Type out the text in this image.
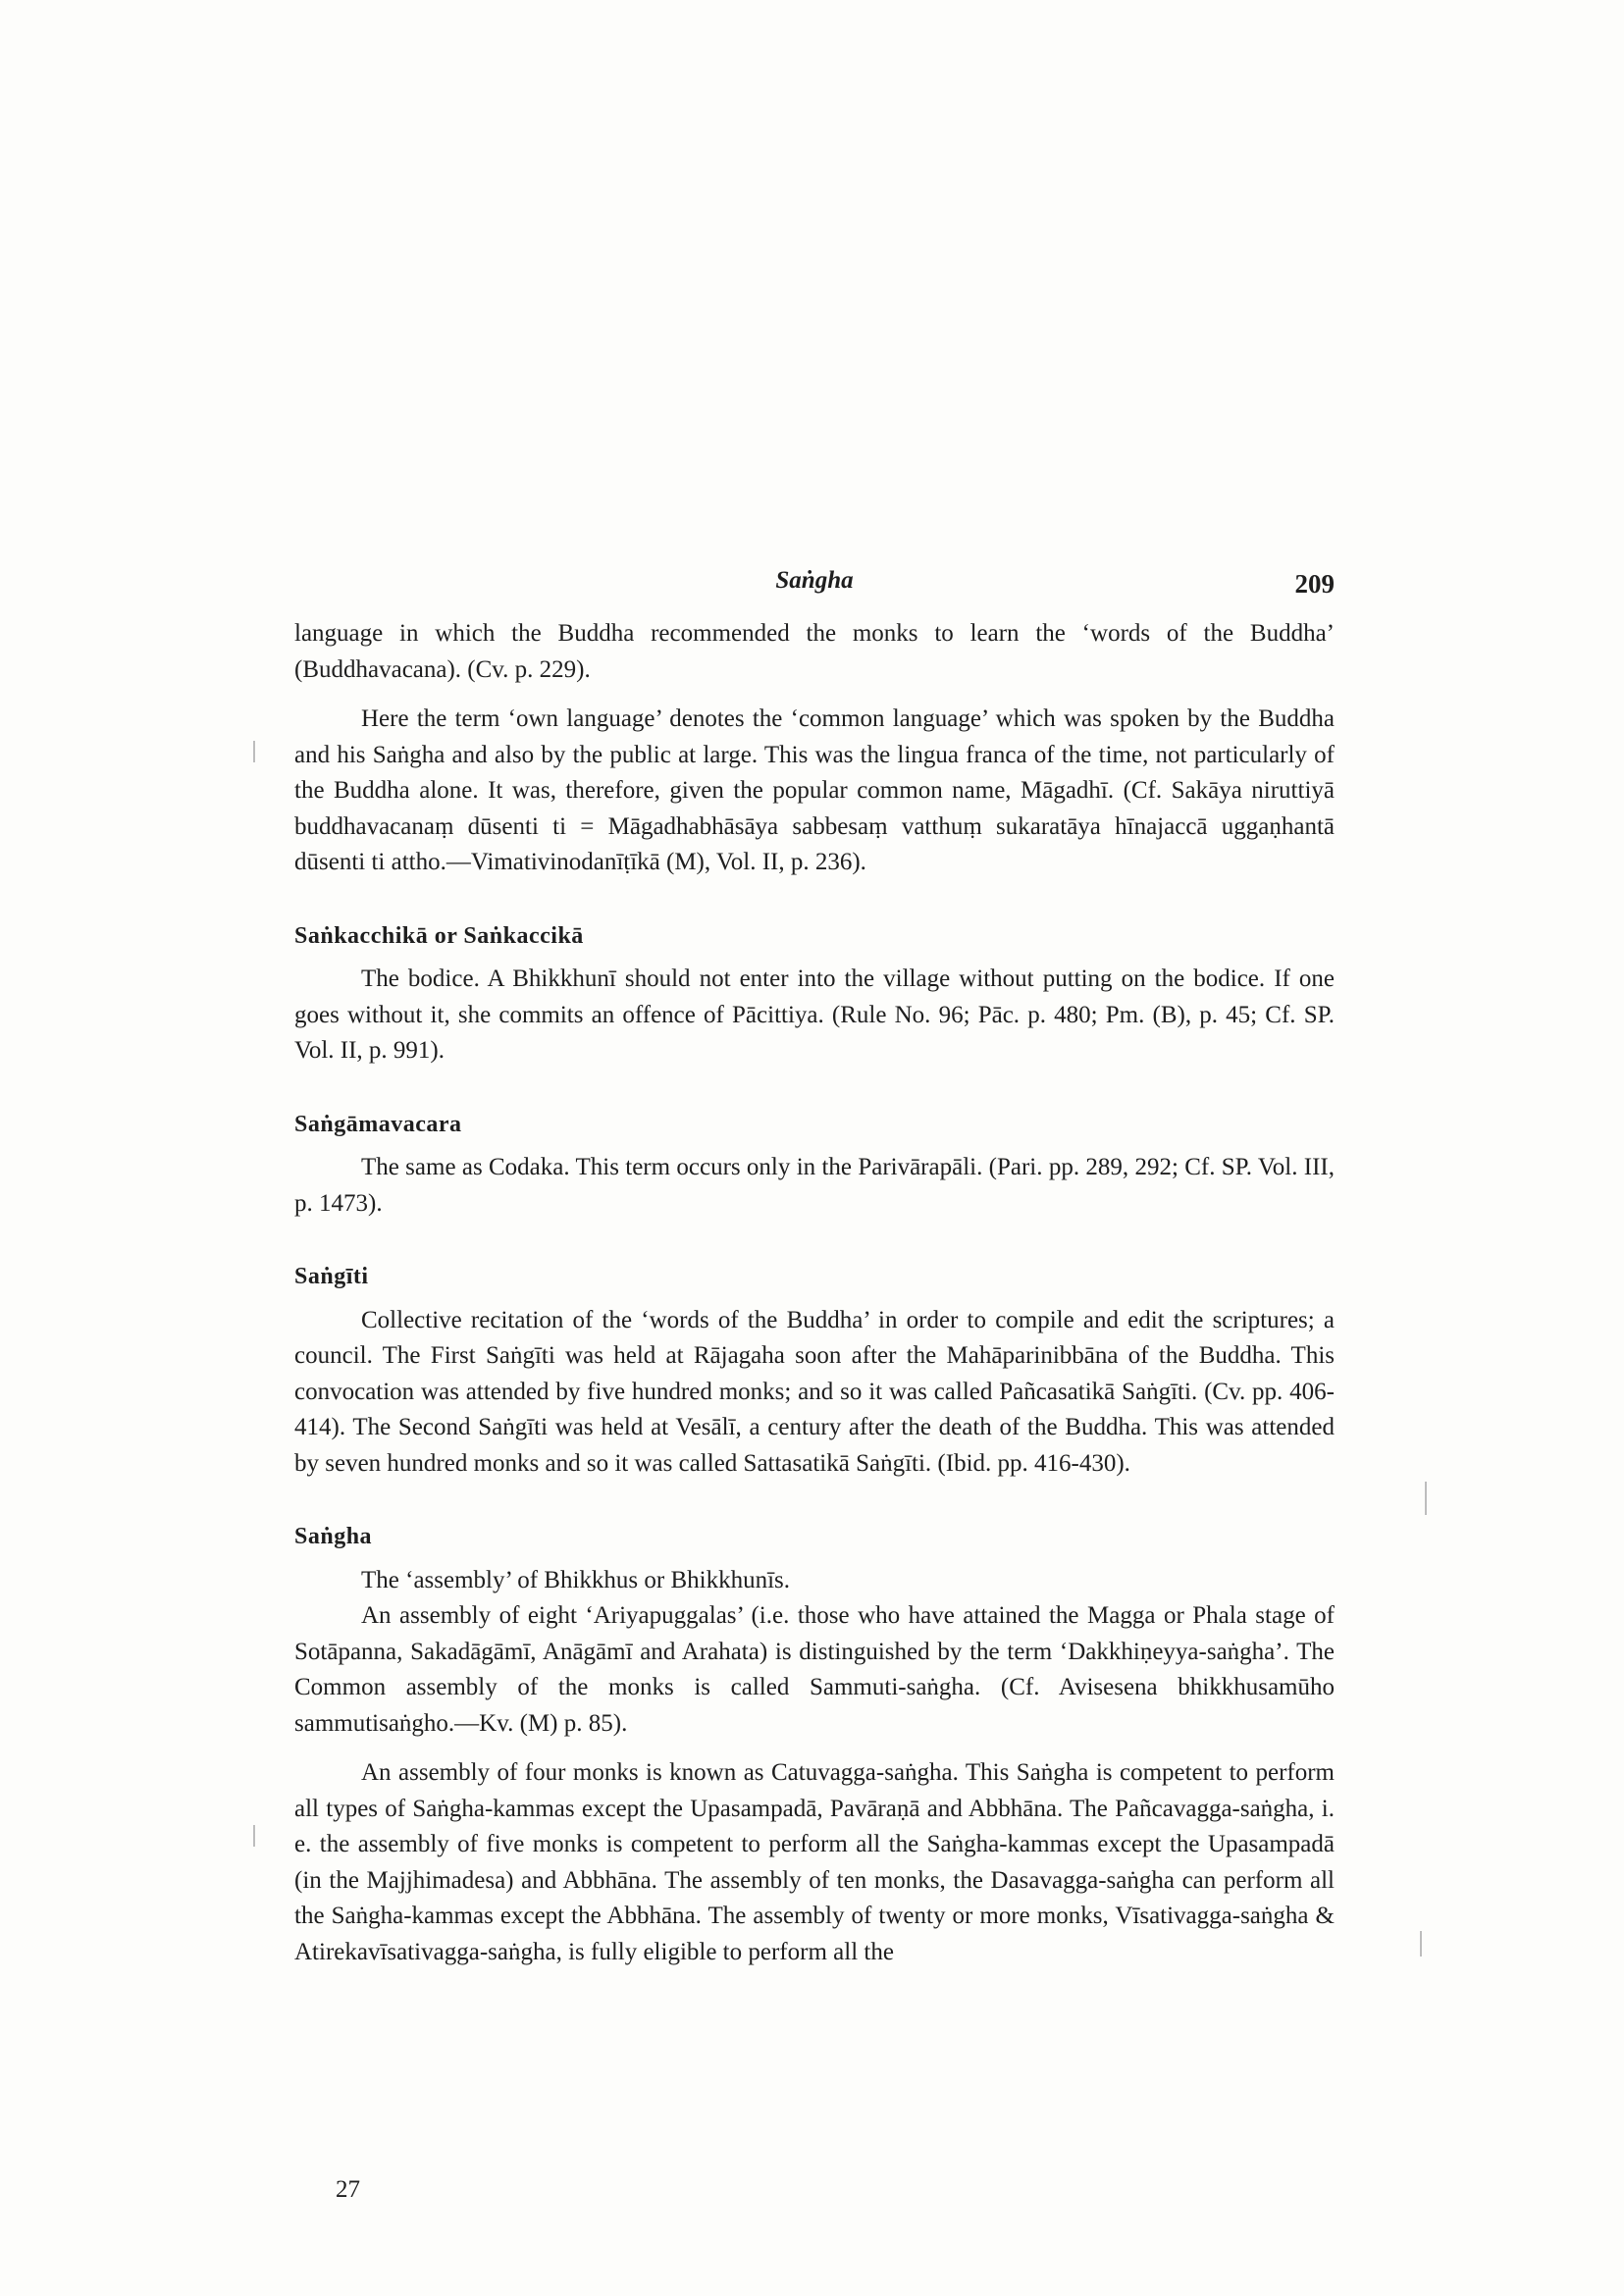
Saṅgha	209

language in which the Buddha recommended the monks to learn the ‘words of the Buddha’ (Buddhavacana). (Cv. p. 229).

Here the term ‘own language’ denotes the ‘common language’ which was spoken by the Buddha and his Saṅgha and also by the public at large. This was the lingua franca of the time, not particularly of the Buddha alone. It was, therefore, given the popular common name, Māgadhī. (Cf. Sakāya niruttiyā buddhavacanaṃ dūsenti ti = Māgadhabhāsāya sabbesaṃ vatthuṃ sukaratāya hīnajaccā uggaṇhantā dūsenti ti attho.—Vimativinodanīṭīkā (M), Vol. II, p. 236).

Saṅkacchikā or Saṅkaccikā

The bodice. A Bhikkhunī should not enter into the village without putting on the bodice. If one goes without it, she commits an offence of Pācittiya. (Rule No. 96; Pāc. p. 480; Pm. (B), p. 45; Cf. SP. Vol. II, p. 991).

Saṅgāmavacara

The same as Codaka. This term occurs only in the Parivārapāli. (Pari. pp. 289, 292; Cf. SP. Vol. III, p. 1473).

Saṅgīti

Collective recitation of the ‘words of the Buddha’ in order to compile and edit the scriptures; a council. The First Saṅgīti was held at Rājagaha soon after the Mahāparinibbāna of the Buddha. This convocation was attended by five hundred monks; and so it was called Pañcasatikā Saṅgīti. (Cv. pp. 406-414). The Second Saṅgīti was held at Vesālī, a century after the death of the Buddha. This was attended by seven hundred monks and so it was called Sattasatikā Saṅgīti. (Ibid. pp. 416-430).

Saṅgha

The ‘assembly’ of Bhikkhus or Bhikkhunīs.

An assembly of eight ‘Ariyapuggalas’ (i.e. those who have attained the Magga or Phala stage of Sotāpanna, Sakadāgāmī, Anāgāmī and Arahata) is distinguished by the term ‘Dakkhiṇeyya-saṅgha’. The Common assembly of the monks is called Sammuti-saṅgha. (Cf. Avisesena bhikkhusamūho sammutisaṅgho.—Kv. (M) p. 85).

An assembly of four monks is known as Catuvagga-saṅgha. This Saṅgha is competent to perform all types of Saṅgha-kammas except the Upasampadā, Pavāraṇā and Abbhāna. The Pañcavagga-saṅgha, i. e. the assembly of five monks is competent to perform all the Saṅgha-kammas except the Upasampadā (in the Majjhimadesa) and Abbhāna. The assembly of ten monks, the Dasavagga-saṅgha can perform all the Saṅgha-kammas except the Abbhāna. The assembly of twenty or more monks, Vīsativagga-saṅgha & Atirekavīsativagga-saṅgha, is fully eligible to perform all the

27
